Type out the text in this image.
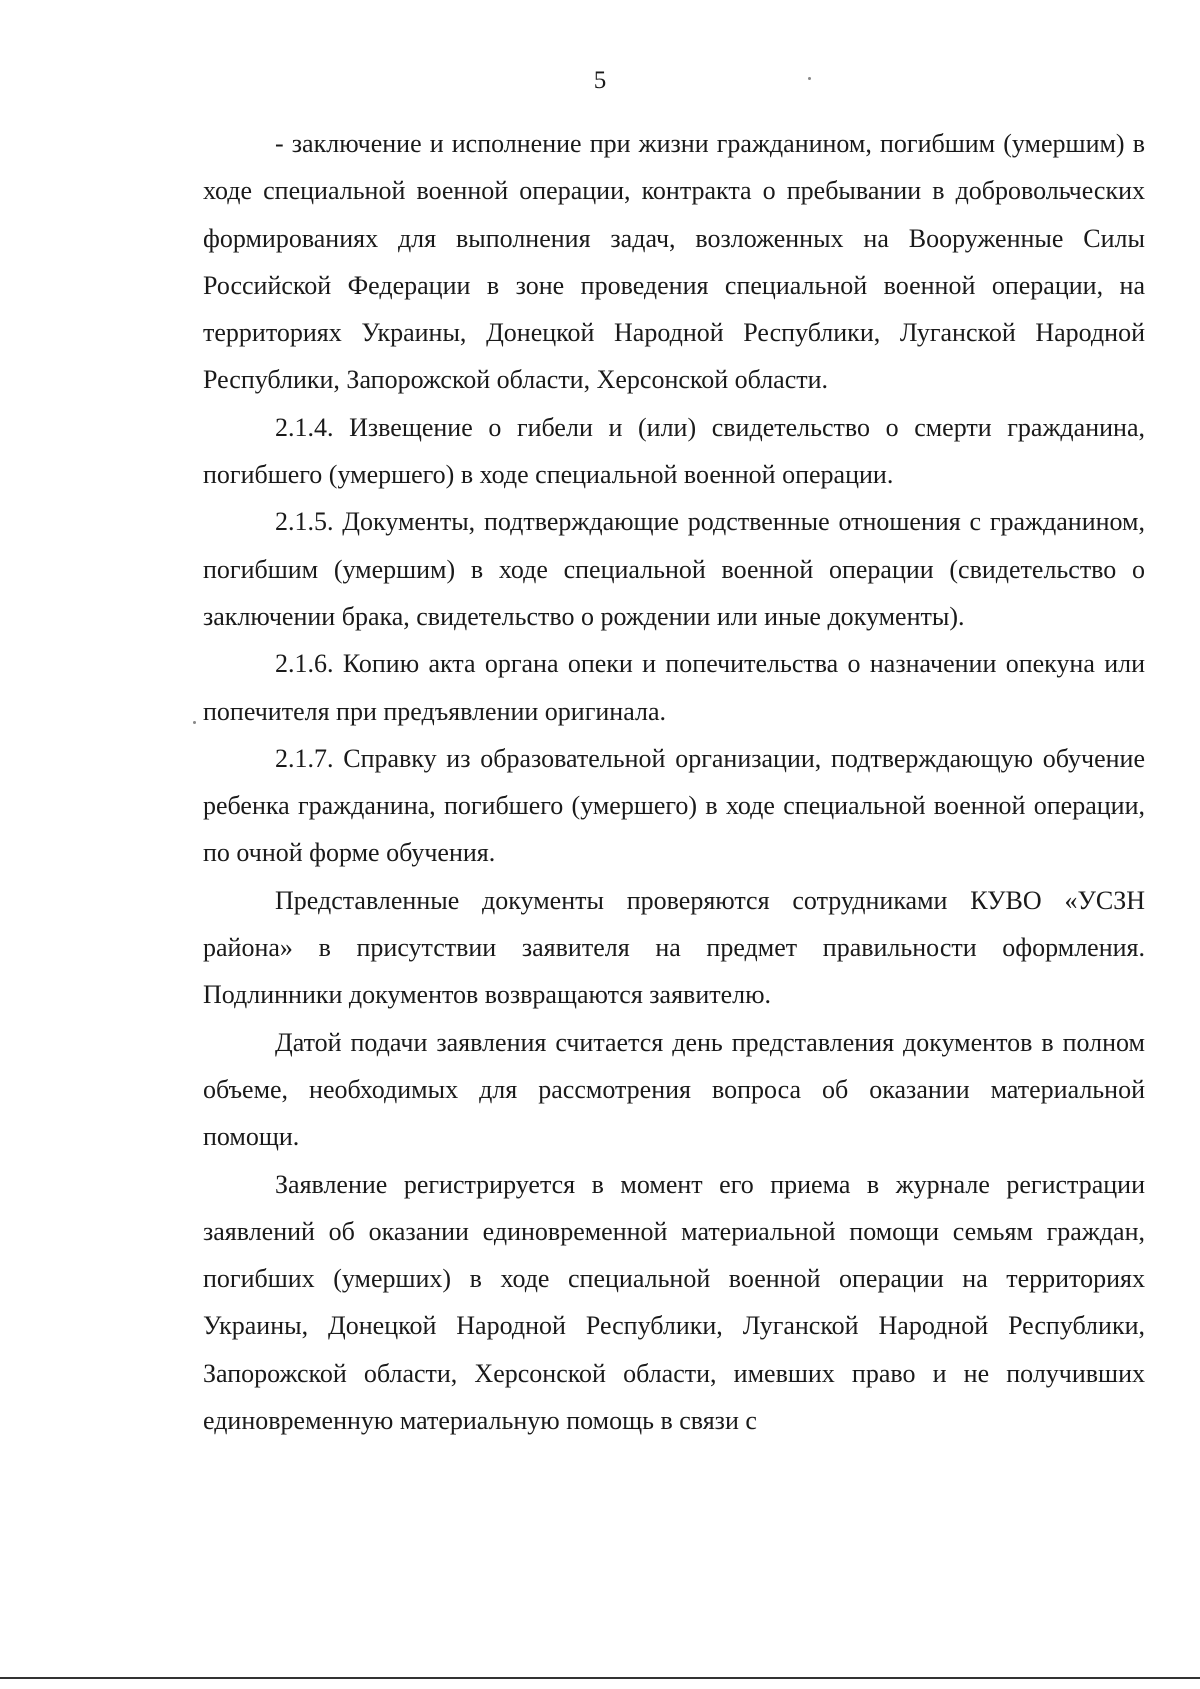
5

- заключение и исполнение при жизни гражданином, погибшим (умершим) в ходе специальной военной операции, контракта о пребывании в добровольческих формированиях для выполнения задач, возложенных на Вооруженные Силы Российской Федерации в зоне проведения специальной военной операции, на территориях Украины, Донецкой Народной Республики, Луганской Народной Республики, Запорожской области, Херсонской области.

2.1.4. Извещение о гибели и (или) свидетельство о смерти гражданина, погибшего (умершего) в ходе специальной военной операции.

2.1.5. Документы, подтверждающие родственные отношения с гражданином, погибшим (умершим) в ходе специальной военной операции (свидетельство о заключении брака, свидетельство о рождении или иные документы).

2.1.6. Копию акта органа опеки и попечительства о назначении опекуна или попечителя при предъявлении оригинала.

2.1.7. Справку из образовательной организации, подтверждающую обучение ребенка гражданина, погибшего (умершего) в ходе специальной военной операции, по очной форме обучения.

Представленные документы проверяются сотрудниками КУВО «УСЗН района» в присутствии заявителя на предмет правильности оформления. Подлинники документов возвращаются заявителю.

Датой подачи заявления считается день представления документов в полном объеме, необходимых для рассмотрения вопроса об оказании материальной помощи.

Заявление регистрируется в момент его приема в журнале регистрации заявлений об оказании единовременной материальной помощи семьям граждан, погибших (умерших) в ходе специальной военной операции на территориях Украины, Донецкой Народной Республики, Луганской Народной Республики, Запорожской области, Херсонской области, имевших право и не получивших единовременную материальную помощь в связи с
